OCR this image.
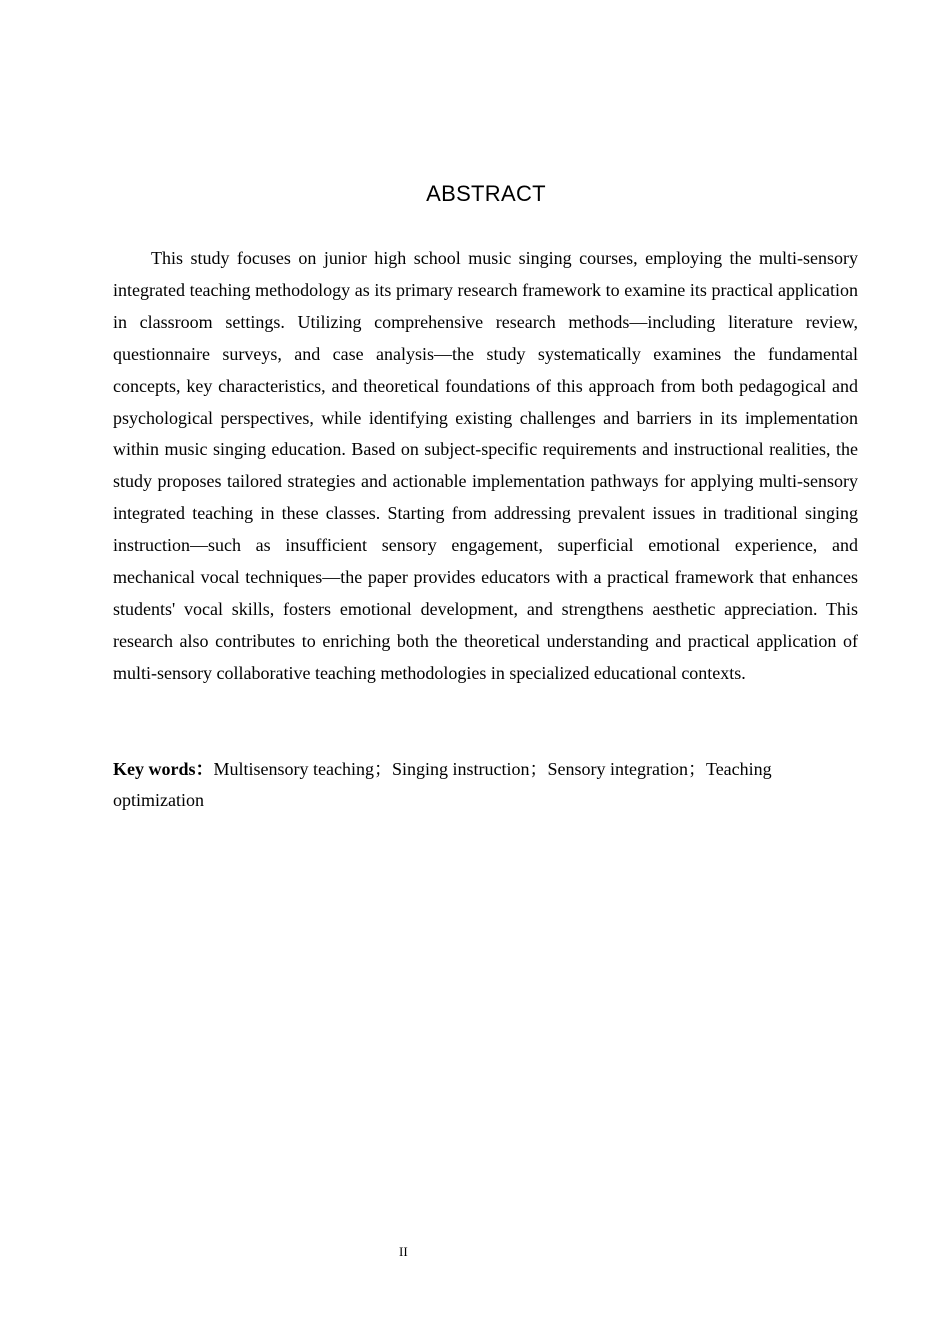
ABSTRACT

This study focuses on junior high school music singing courses, employing the multi-sensory integrated teaching methodology as its primary research framework to examine its practical application in classroom settings. Utilizing comprehensive research methods—including literature review, questionnaire surveys, and case analysis—the study systematically examines the fundamental concepts, key characteristics, and theoretical foundations of this approach from both pedagogical and psychological perspectives, while identifying existing challenges and barriers in its implementation within music singing education. Based on subject-specific requirements and instructional realities, the study proposes tailored strategies and actionable implementation pathways for applying multi-sensory integrated teaching in these classes. Starting from addressing prevalent issues in traditional singing instruction—such as insufficient sensory engagement, superficial emotional experience, and mechanical vocal techniques—the paper provides educators with a practical framework that enhances students' vocal skills, fosters emotional development, and strengthens aesthetic appreciation. This research also contributes to enriching both the theoretical understanding and practical application of multi-sensory collaborative teaching methodologies in specialized educational contexts.

Key words：Multisensory teaching；Singing instruction；Sensory integration；Teaching optimization

II
